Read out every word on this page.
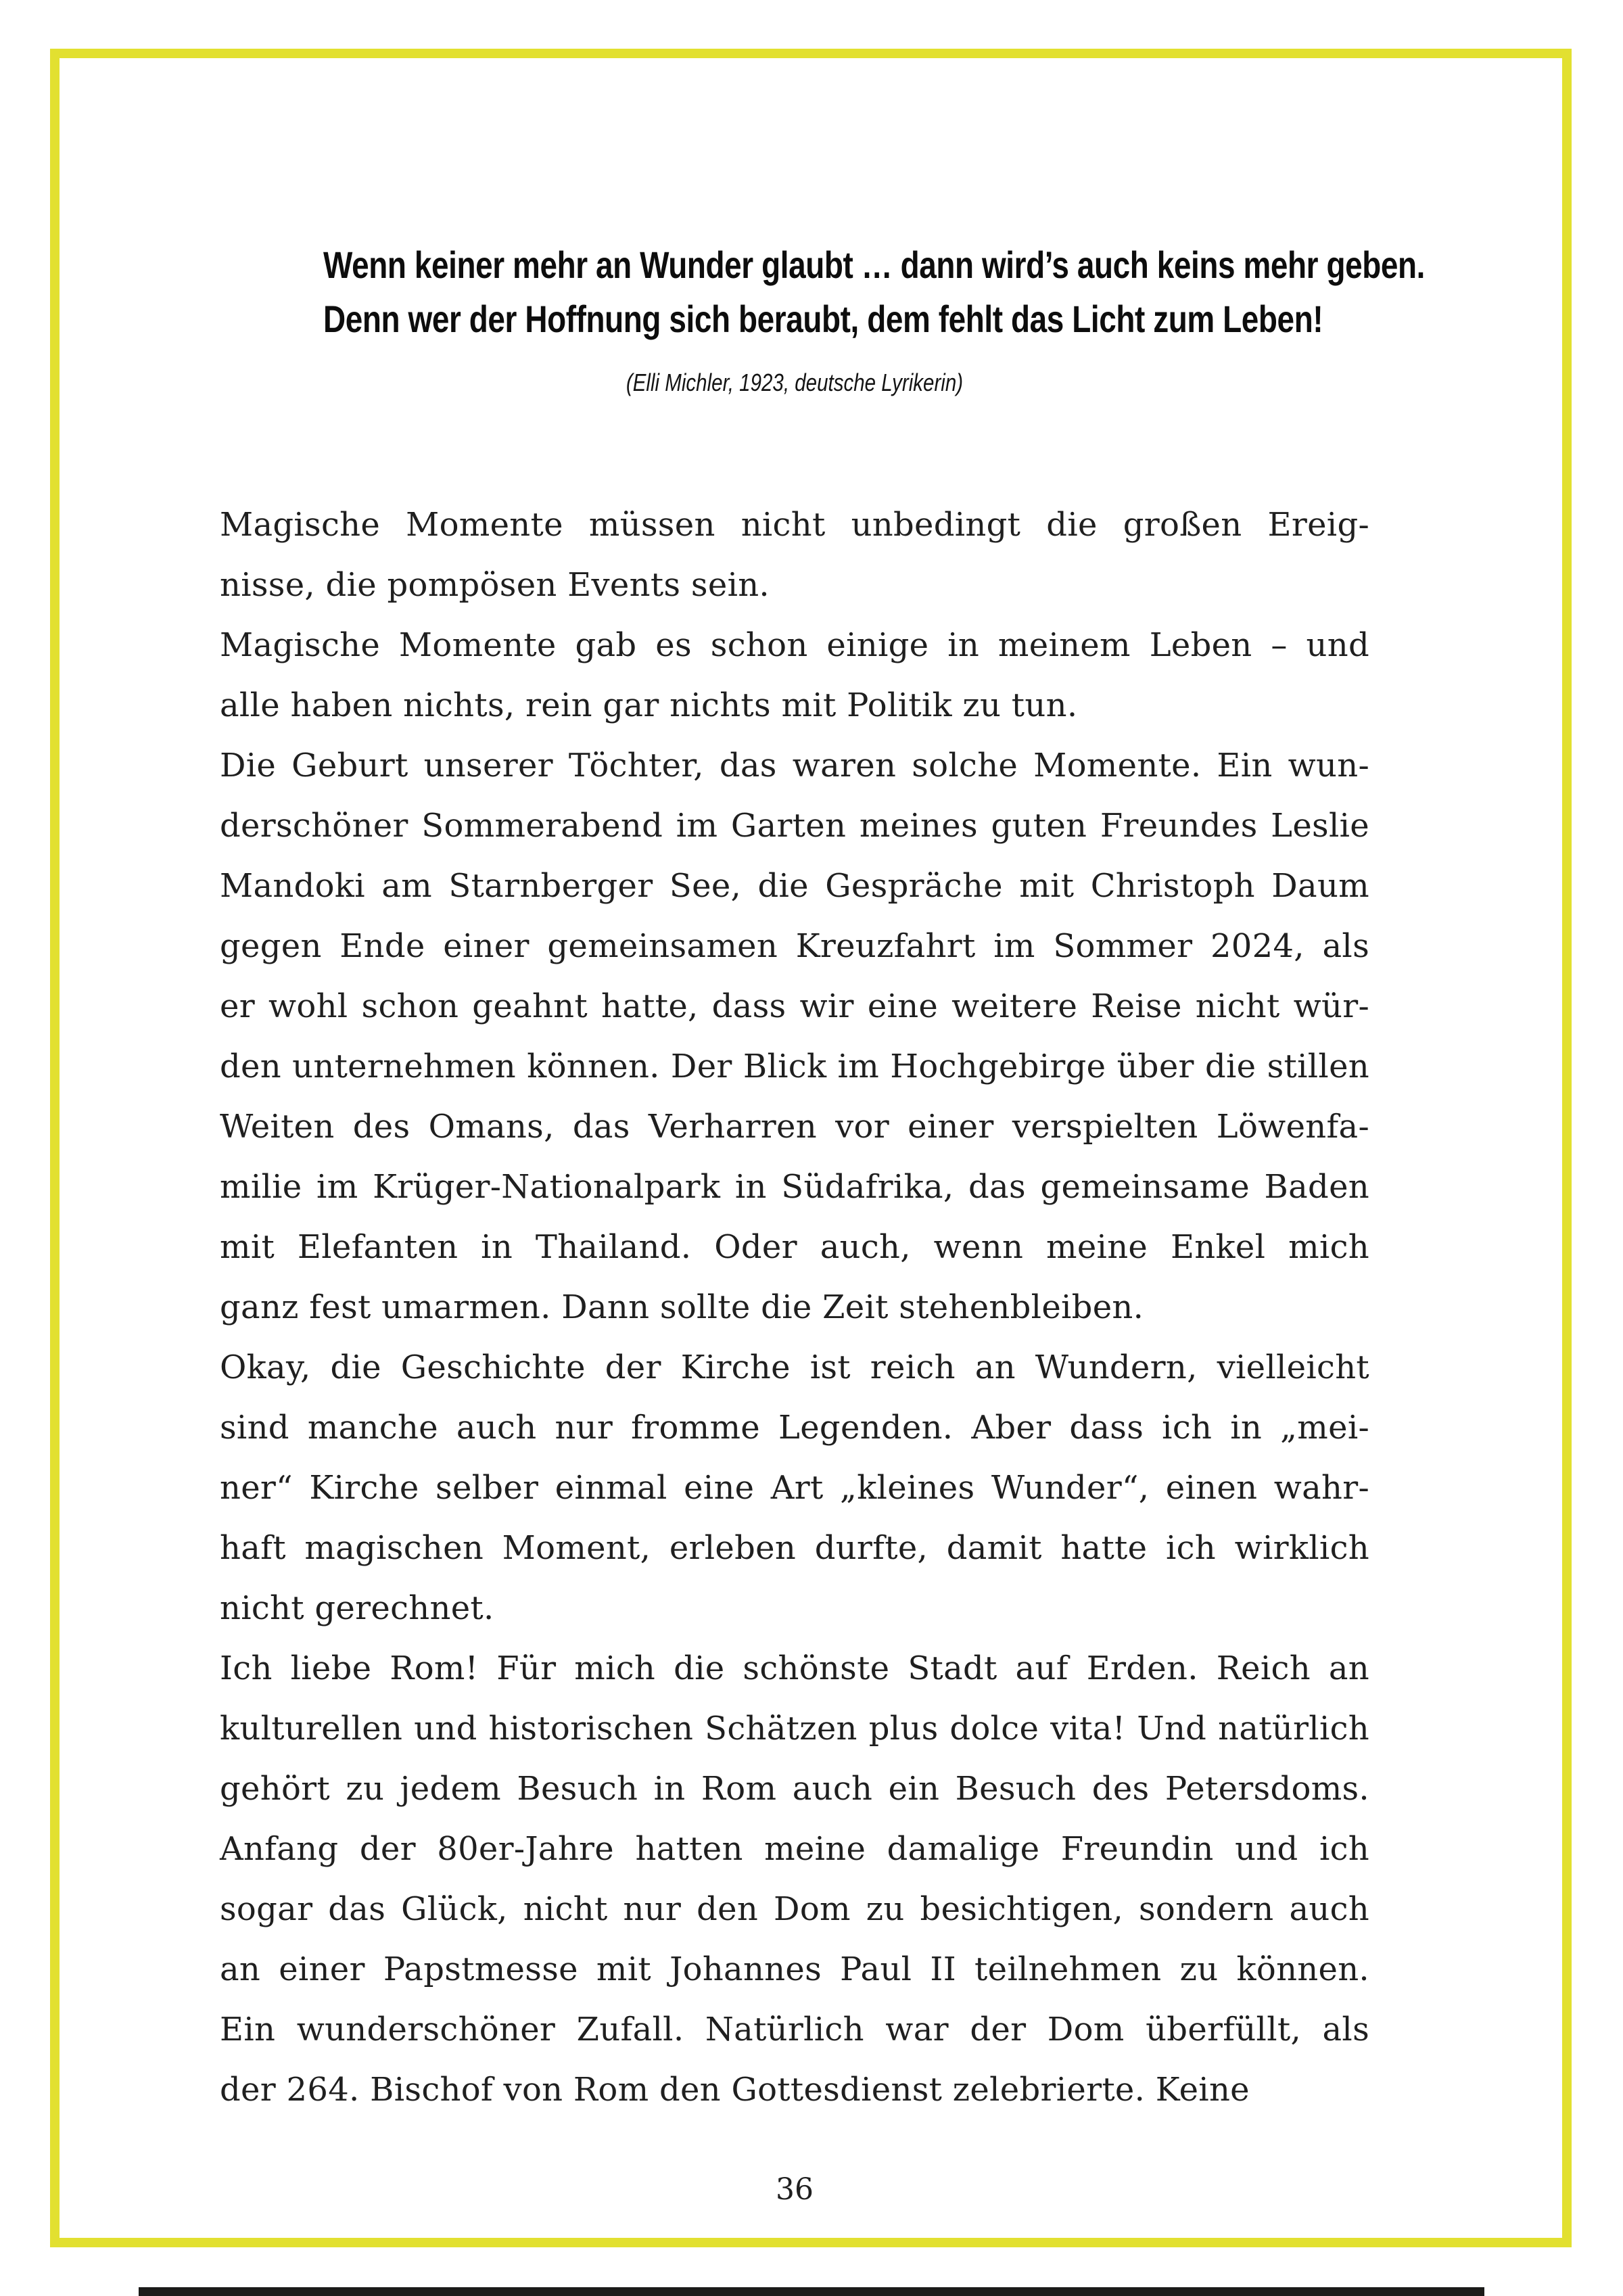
Wenn keiner mehr an Wunder glaubt … dann wird’s auch keins mehr geben.
Denn wer der Hoffnung sich beraubt, dem fehlt das Licht zum Leben!
(Elli Michler, 1923, deutsche Lyrikerin)

Magische Momente müssen nicht unbedingt die großen Ereig-
nisse, die pompösen Events sein.

Magische Momente gab es schon einige in meinem Leben – und
alle haben nichts, rein gar nichts mit Politik zu tun.

Die Geburt unserer Töchter, das waren solche Momente. Ein wun-
derschöner Sommerabend im Garten meines guten Freundes Leslie
Mandoki am Starnberger See, die Gespräche mit Christoph Daum
gegen Ende einer gemeinsamen Kreuzfahrt im Sommer 2024, als
er wohl schon geahnt hatte, dass wir eine weitere Reise nicht wür-
den unternehmen können. Der Blick im Hochgebirge über die stillen
Weiten des Omans, das Verharren vor einer verspielten Löwenfa-
milie im Krüger-Nationalpark in Südafrika, das gemeinsame Baden
mit Elefanten in Thailand. Oder auch, wenn meine Enkel mich
ganz fest umarmen. Dann sollte die Zeit stehenbleiben.

Okay, die Geschichte der Kirche ist reich an Wundern, vielleicht
sind manche auch nur fromme Legenden. Aber dass ich in „mei-
ner“ Kirche selber einmal eine Art „kleines Wunder“, einen wahr-
haft magischen Moment, erleben durfte, damit hatte ich wirklich
nicht gerechnet.

Ich liebe Rom! Für mich die schönste Stadt auf Erden. Reich an
kulturellen und historischen Schätzen plus dolce vita! Und natürlich
gehört zu jedem Besuch in Rom auch ein Besuch des Petersdoms.
Anfang der 80er-Jahre hatten meine damalige Freundin und ich
sogar das Glück, nicht nur den Dom zu besichtigen, sondern auch
an einer Papstmesse mit Johannes Paul II teilnehmen zu können.
Ein wunderschöner Zufall. Natürlich war der Dom überfüllt, als
der 264. Bischof von Rom den Gottesdienst zelebrierte. Keine

36
